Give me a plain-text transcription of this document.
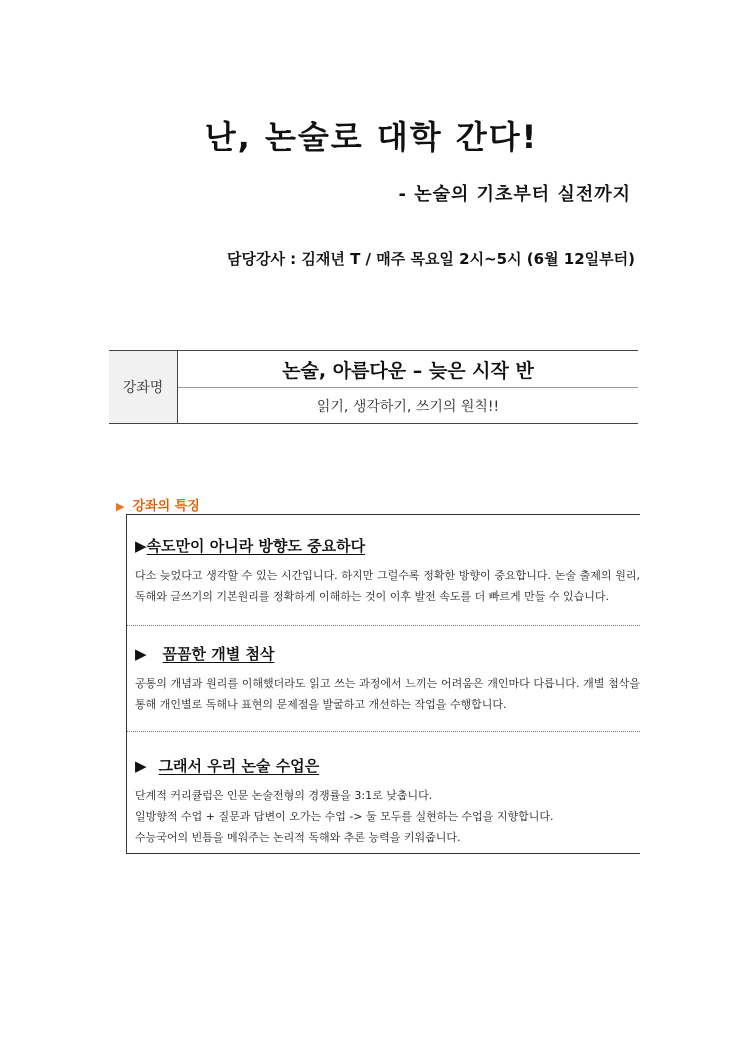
난, 논술로 대학 간다!
- 논술의 기초부터 실전까지
담당강사 : 김재년 T / 매주 목요일 2시~5시 (6월 12일부터)
강좌명
논술, 아름다운 – 늦은 시작 반
읽기, 생각하기, 쓰기의 원칙!!
▶ 강좌의 특징
▶속도만이 아니라 방향도 중요하다
다소 늦었다고 생각할 수 있는 시간입니다. 하지만 그럴수록 정확한 방향이 중요합니다. 논술 출제의 원리, 독해와 글쓰기의 기본원리를 정확하게 이해하는 것이 이후 발전 속도를 더 빠르게 만들 수 있습니다.
▶ 꼼꼼한 개별 첨삭
공통의 개념과 원리를 이해했더라도 읽고 쓰는 과정에서 느끼는 어려움은 개인마다 다릅니다. 개별 첨삭을 통해 개인별로 독해나 표현의 문제점을 발굴하고 개선하는 작업을 수행합니다.
▶ 그래서 우리 논술 수업은
단계적 커리큘럼은 인문 논술전형의 경쟁률을 3:1로 낮춥니다.
일방향적 수업 + 질문과 답변이 오가는 수업 -> 둘 모두를 실현하는 수업을 지향합니다.
수능국어의 빈틈을 메워주는 논리적 독해와 추론 능력을 키워줍니다.
